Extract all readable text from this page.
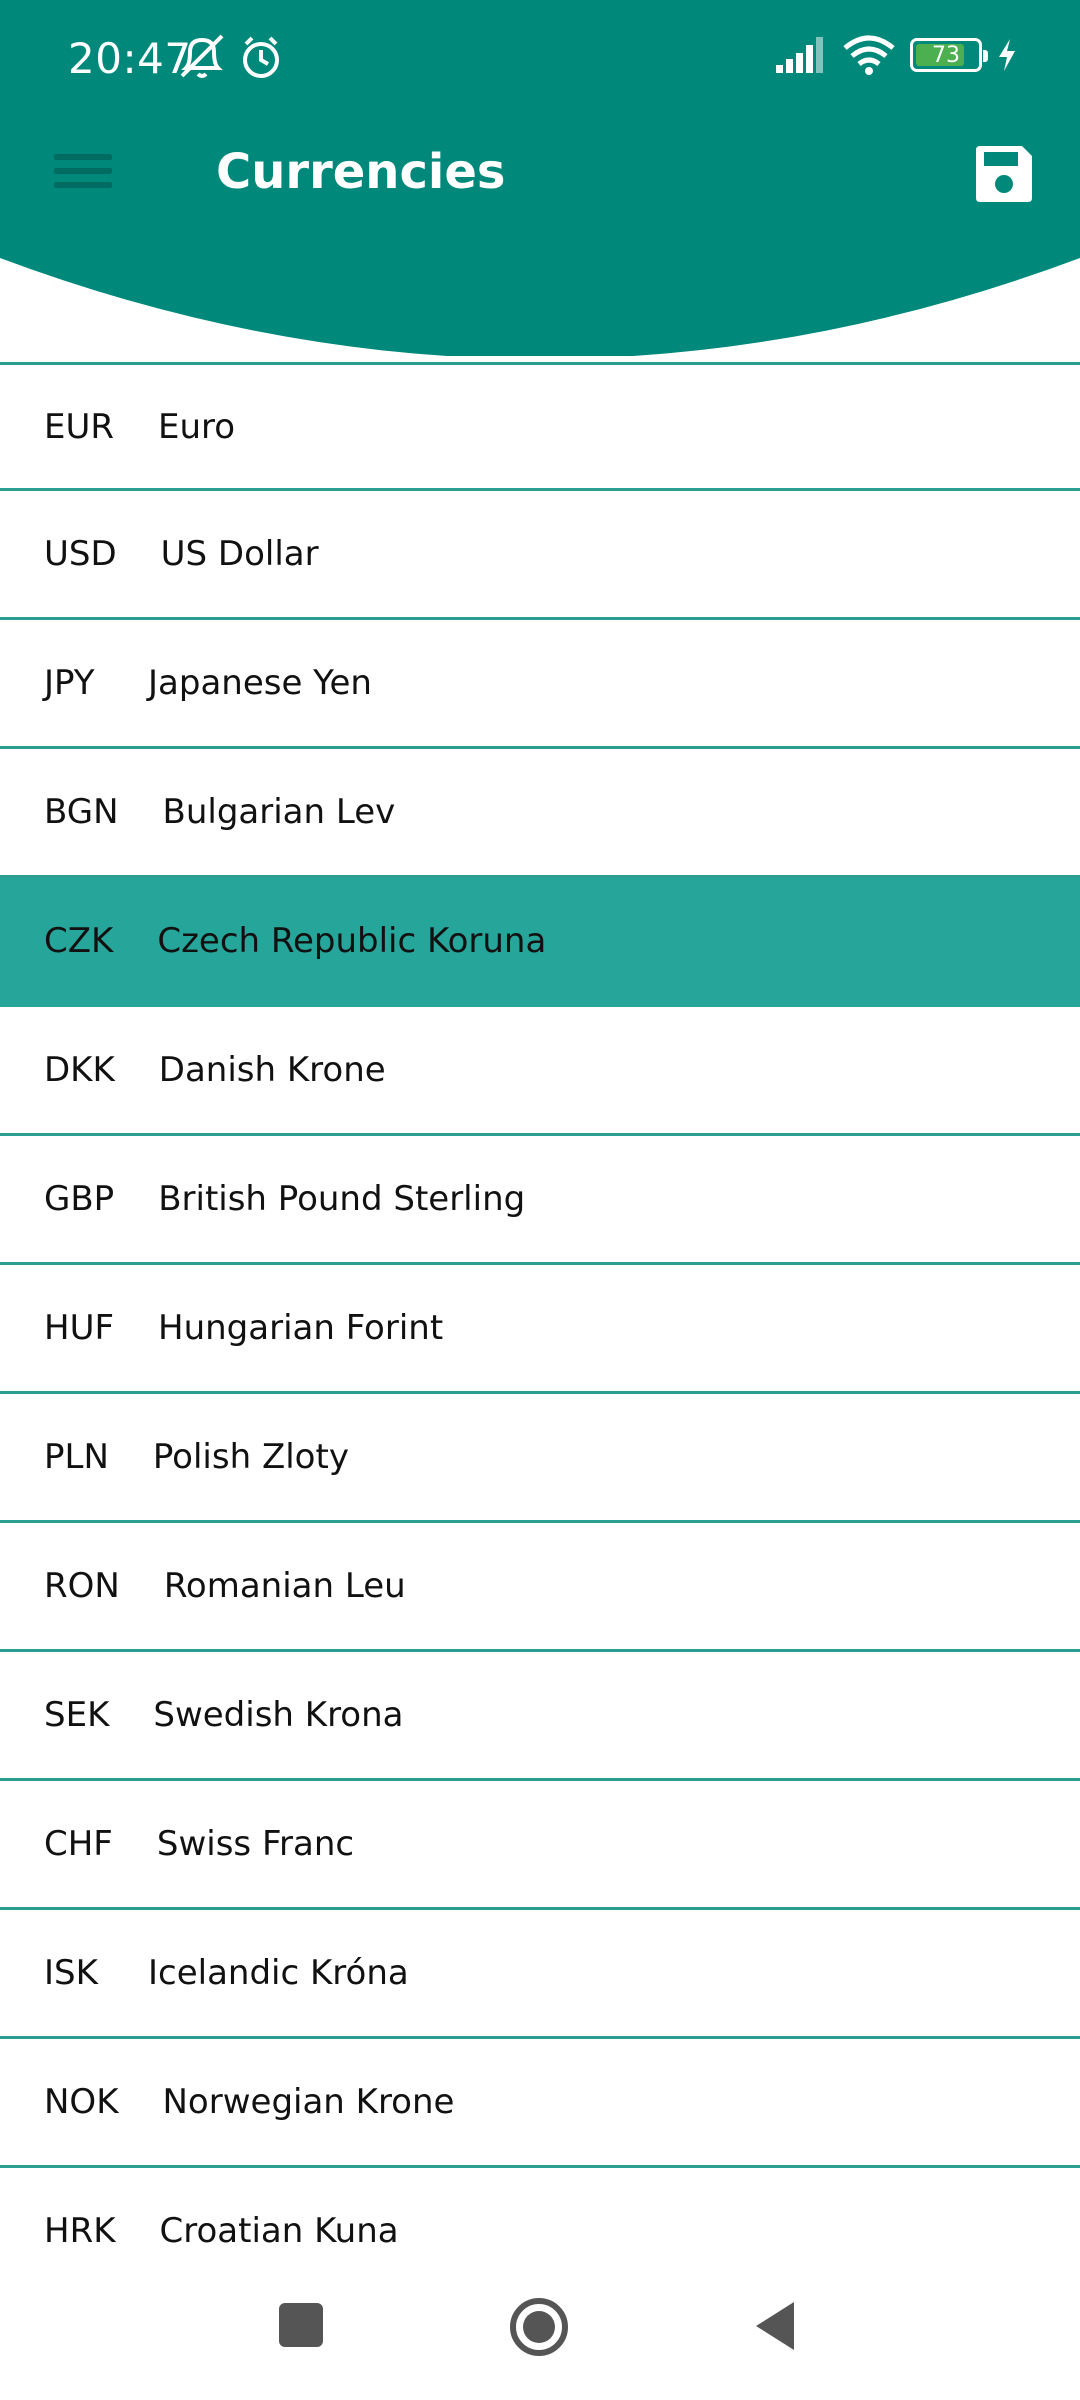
20:47	73
Currencies
EUR Euro
USD US Dollar
JPY Japanese Yen
BGN Bulgarian Lev
CZK Czech Republic Koruna
DKK Danish Krone
GBP British Pound Sterling
HUF Hungarian Forint
PLN Polish Zloty
RON Romanian Leu
SEK Swedish Krona
CHF Swiss Franc
ISK Icelandic Króna
NOK Norwegian Krone
HRK Croatian Kuna
